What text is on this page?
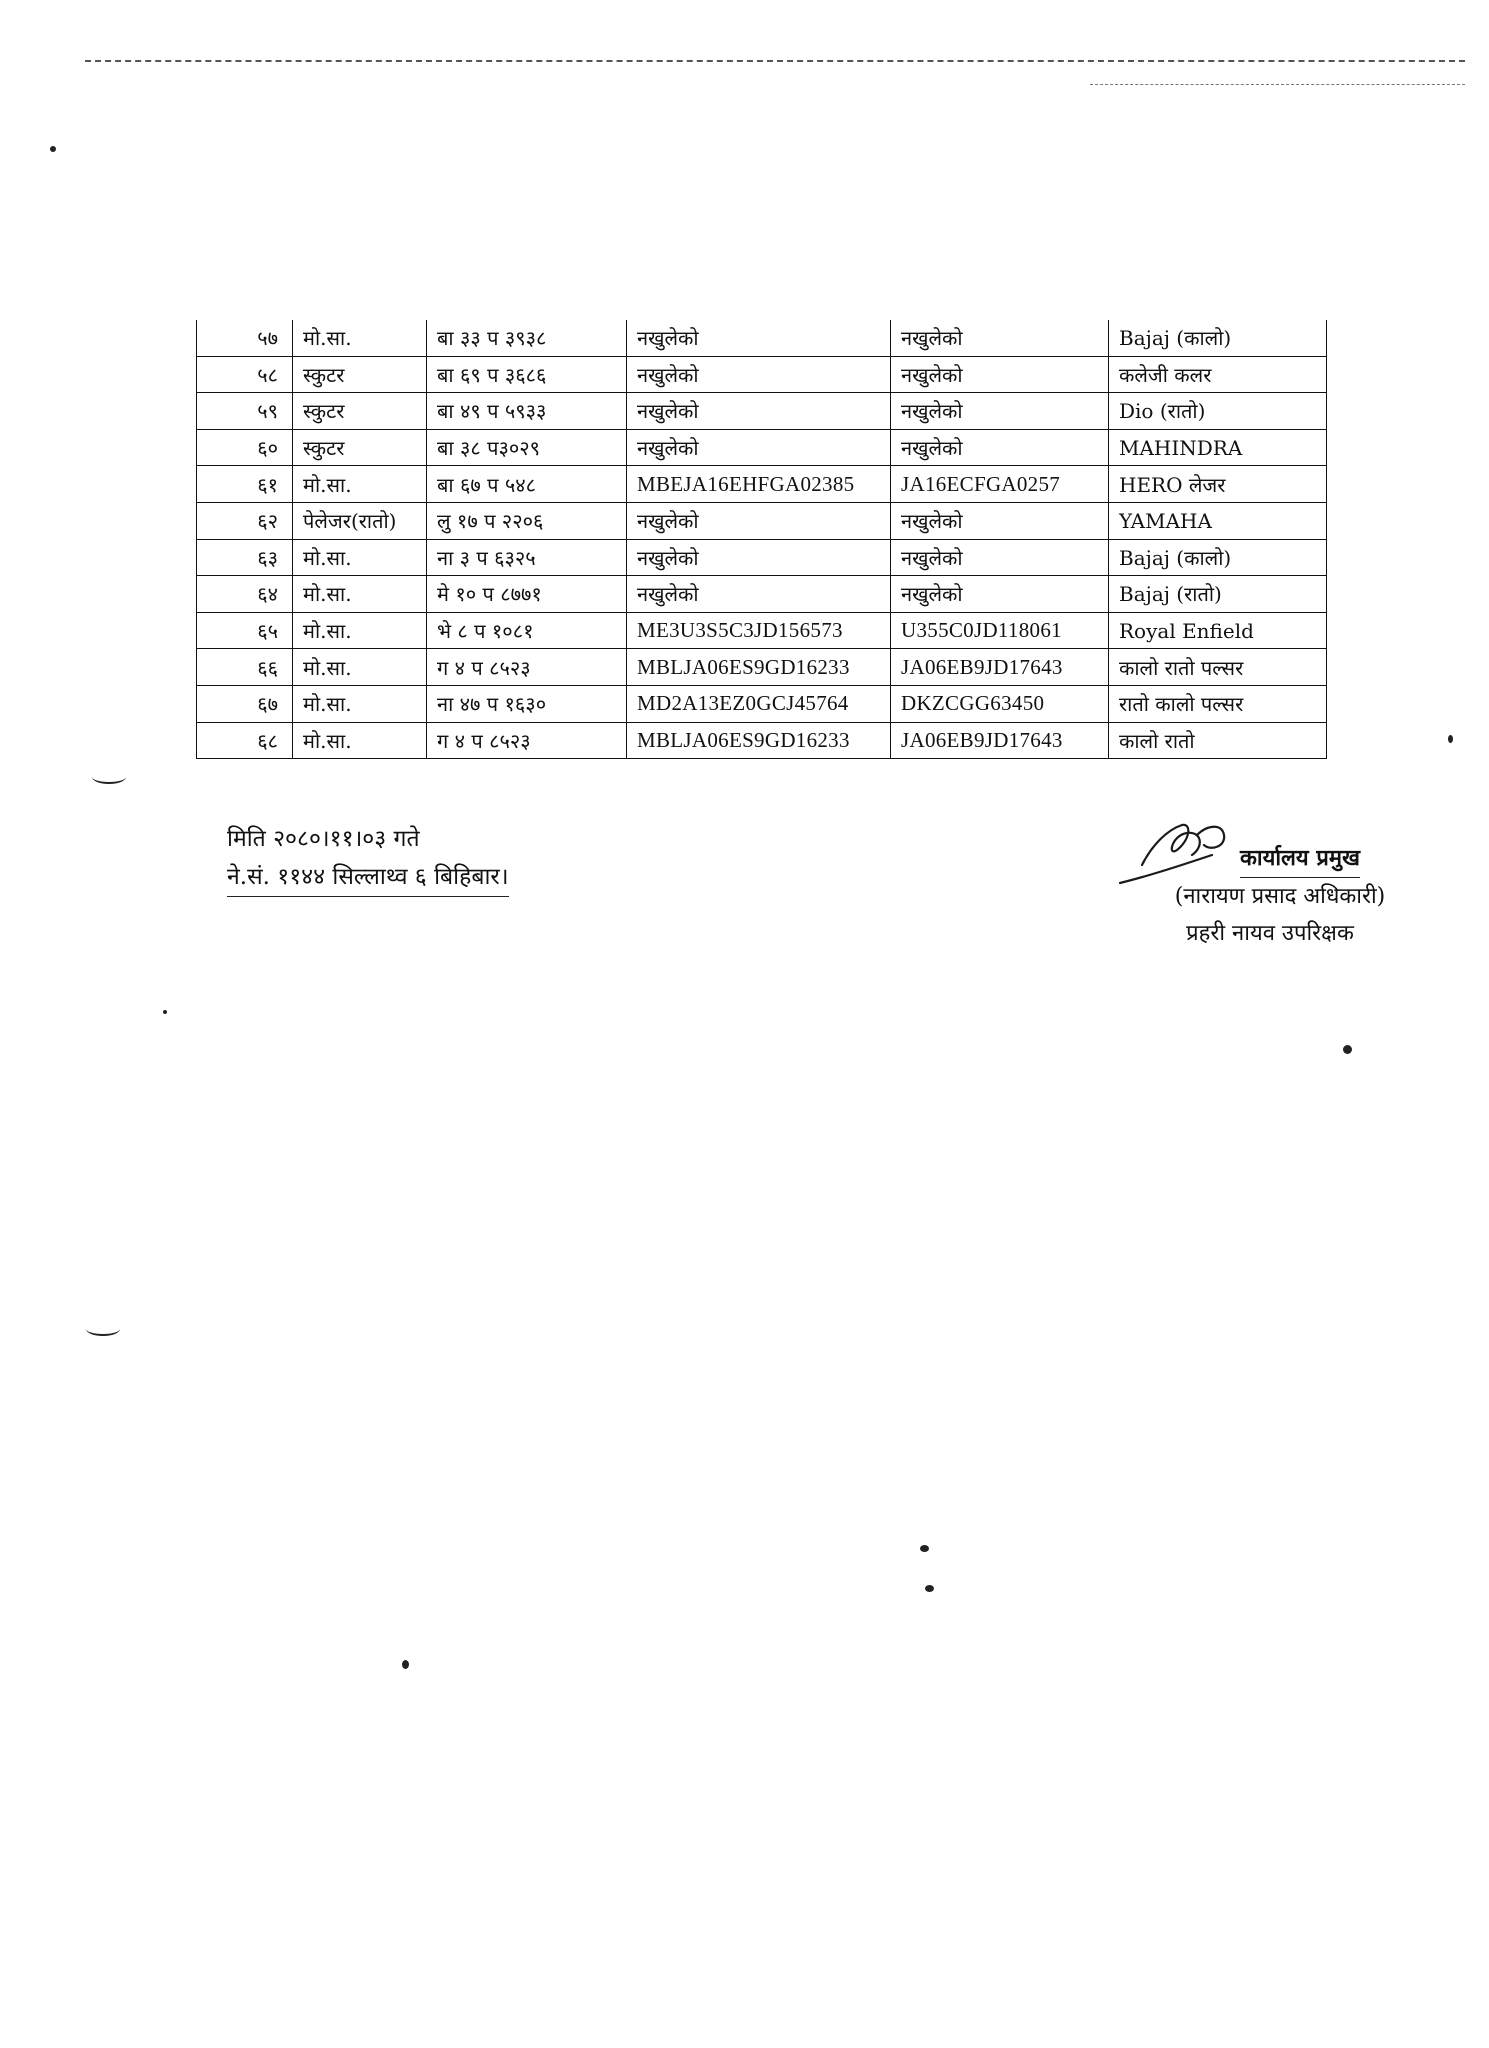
५७	मो.सा.	बा ३३ प ३९३८	नखुलेको	नखुलेको	Bajaj (कालो)
५८	स्कुटर	बा ६९ प ३६८६	नखुलेको	नखुलेको	कलेजी कलर
५९	स्कुटर	बा ४९ प ५९३३	नखुलेको	नखुलेको	Dio (रातो)
६०	स्कुटर	बा ३८ प३०२९	नखुलेको	नखुलेको	MAHINDRA
६१	मो.सा.	बा ६७ प ५४८	MBEJA16EHFGA02385	JA16ECFGA0257	HERO लेजर
६२	पेलेजर(रातो)	लु १७ प २२०६	नखुलेको	नखुलेको	YAMAHA
६३	मो.सा.	ना ३ प ६३२५	नखुलेको	नखुलेको	Bajaj (कालो)
६४	मो.सा.	मे १० प ८७७१	नखुलेको	नखुलेको	Bajaj (रातो)
६५	मो.सा.	भे ८ प १०८१	ME3U3S5C3JD156573	U355C0JD118061	Royal Enfield
६६	मो.सा.	ग ४ प ८५२३	MBLJA06ES9GD16233	JA06EB9JD17643	कालो रातो पल्सर
६७	मो.सा.	ना ४७ प १६३०	MD2A13EZ0GCJ45764	DKZCGG63450	रातो कालो पल्सर
६८	मो.सा.	ग ४ प ८५२३	MBLJA06ES9GD16233	JA06EB9JD17643	कालो रातो
मिति २०८०।११।०३ गते
ने.सं. ११४४ सिल्लाथ्व ६ बिहिबार।
कार्यालय प्रमुख

(नारायण प्रसाद अधिकारी)
प्रहरी नायव उपरिक्षक
